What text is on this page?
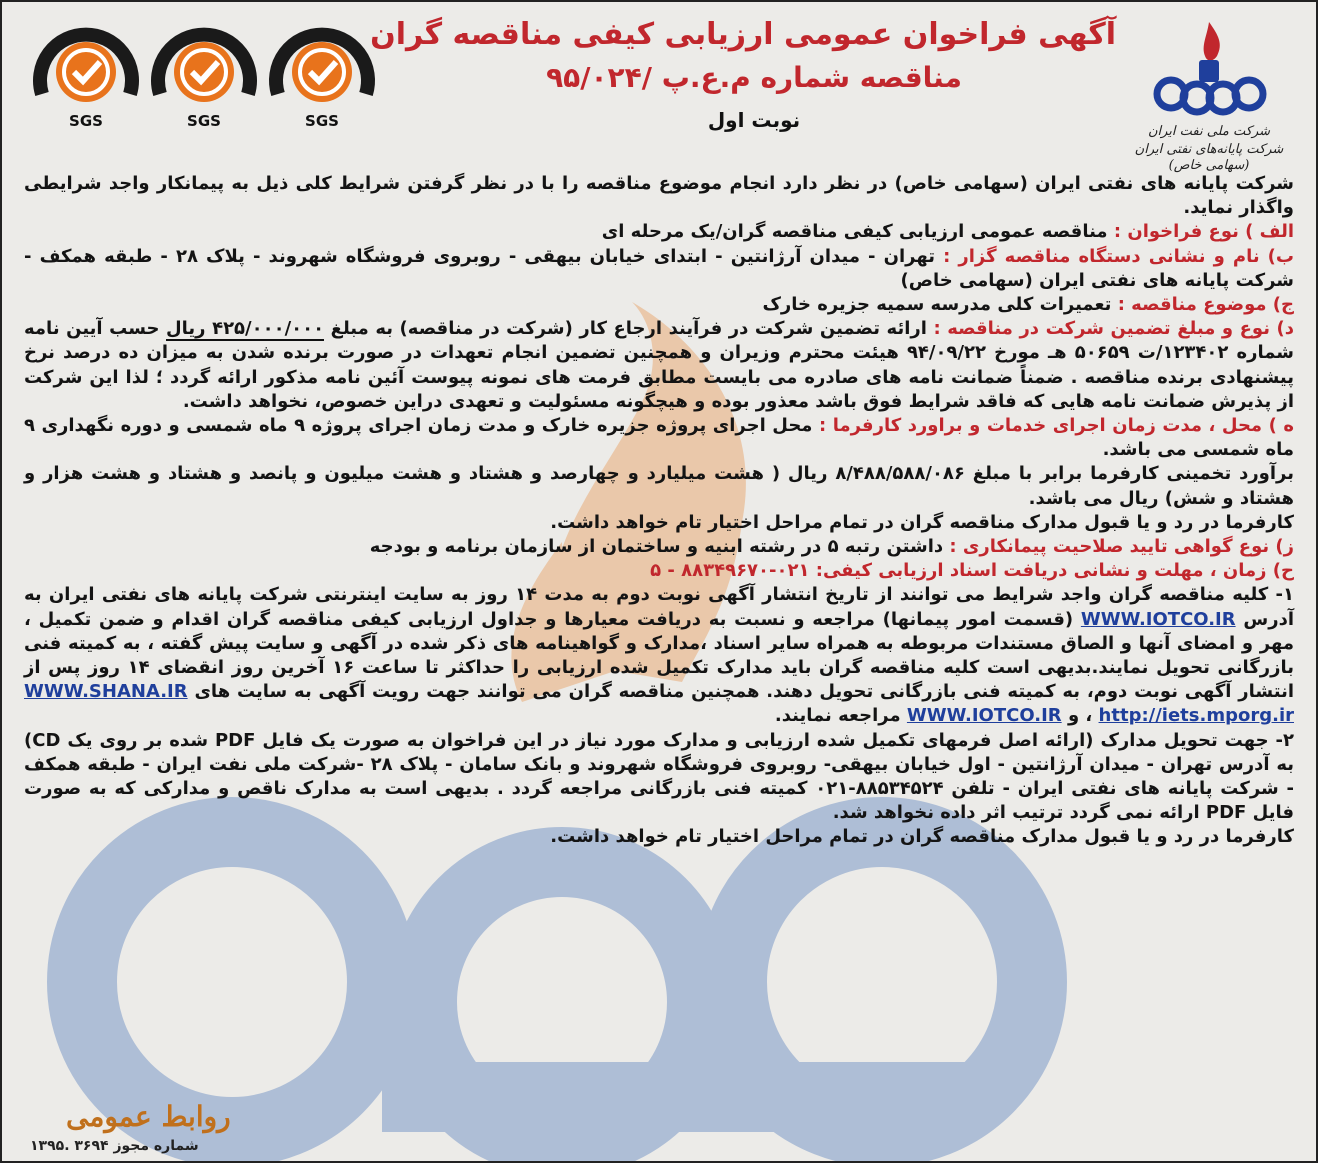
شرکت ملی نفت ایران
شرکت پایانه‌های نفتی ایران (سهامی خاص)
آگهی فراخوان عمومی ارزیابی کیفی مناقصه گران
مناقصه شماره م.ع.پ /۹۵/۰۲۴
نوبت اول
SGS	SGS	SGS

شرکت پایانه های نفتی ایران (سهامی خاص) در نظر دارد انجام موضوع مناقصه را با در نظر گرفتن شرایط کلی ذیل به پیمانکار واجد شرایطی واگذار نماید.

الف ) نوع فراخوان : مناقصه عمومی ارزیابی کیفی مناقصه گران/یک مرحله ای

ب) نام و نشانی دستگاه مناقصه گزار : تهران - میدان آرژانتین - ابتدای خیابان بیهقی - روبروی فروشگاه شهروند - پلاک ۲۸ - طبقه همکف - شرکت پایانه های نفتی ایران (سهامی خاص)

ج) موضوع مناقصه : تعمیرات کلی مدرسه سمیه جزیره خارک

د) نوع و مبلغ تضمین شرکت در مناقصه : ارائه تضمین شرکت در فرآیند ارجاع کار (شرکت در مناقصه) به مبلغ ۴۲۵/۰۰۰/۰۰۰ ریال حسب آیین نامه شماره ۱۲۳۴۰۲/ت ۵۰۶۵۹ هـ مورخ ۹۴/۰۹/۲۲ هیئت محترم وزیران و همچنین تضمین انجام تعهدات در صورت برنده شدن به میزان ده درصد نرخ پیشنهادی برنده مناقصه . ضمناً ضمانت نامه های صادره می بایست مطابق فرمت های نمونه پیوست آئین نامه مذکور ارائه گردد ؛ لذا این شرکت از پذیرش ضمانت نامه هایی که فاقد شرایط فوق باشد معذور بوده و هیچگونه مسئولیت و تعهدی دراین خصوص، نخواهد داشت.

ه ) محل ، مدت زمان اجرای خدمات و براورد کارفرما : محل اجرای پروژه جزیره خارک و مدت زمان اجرای پروژه ۹ ماه شمسی و دوره نگهداری ۹ ماه شمسی می باشد.

برآورد تخمینی کارفرما برابر با مبلغ ۸/۴۸۸/۵۸۸/۰۸۶ ریال ( هشت میلیارد و چهارصد و هشتاد و هشت میلیون و پانصد و هشتاد و هشت هزار و هشتاد و شش) ریال می باشد.

کارفرما در رد و یا قبول مدارک مناقصه گران در تمام مراحل اختیار تام خواهد داشت.

ز) نوع گواهی تایید صلاحیت پیمانکاری : داشتن رتبه ۵ در رشته ابنیه و ساختمان از سازمان برنامه و بودجه

ح) زمان ، مهلت و نشانی دریافت اسناد ارزیابی کیفی: ۰۲۱-۸۸۳۴۹۶۷۰ - ۵

۱- کلیه مناقصه گران واجد شرایط می توانند از تاریخ انتشار آگهی نوبت دوم به مدت ۱۴ روز به سایت اینترنتی شرکت پایانه های نفتی ایران به آدرس WWW.IOTCO.IR (قسمت امور پیمانها) مراجعه و نسبت به دریافت معیارها و جداول ارزیابی کیفی مناقصه گران اقدام و ضمن تکمیل ، مهر و امضای آنها و الصاق مستندات مربوطه به همراه سایر اسناد ،مدارک و گواهینامه های ذکر شده در آگهی و سایت پیش گفته ، به کمیته فنی بازرگانی تحویل نمایند.بدیهی است کلیه مناقصه گران باید مدارک تکمیل شده ارزیابی را حداکثر تا ساعت ۱۶ آخرین روز انقضای ۱۴ روز پس از انتشار آگهی نوبت دوم، به کمیته فنی بازرگانی تحویل دهند. همچنین مناقصه گران می توانند جهت رویت آگهی به سایت های WWW.SHANA.IR ، http://iets.mporg.ir و WWW.IOTCO.IR مراجعه نمایند.

۲- جهت تحویل مدارک (ارائه اصل فرمهای تکمیل شده ارزیابی و مدارک مورد نیاز در این فراخوان به صورت یک فایل PDF شده بر روی یک CD) به آدرس تهران - میدان آرژانتین - اول خیابان بیهقی- روبروی فروشگاه شهروند و بانک سامان - پلاک ۲۸ -شرکت ملی نفت ایران - طبقه همکف - شرکت پایانه های نفتی ایران - تلفن ۸۸۵۳۴۵۲۴-۰۲۱ کمیته فنی بازرگانی مراجعه گردد . بدیهی است به مدارک ناقص و مدارکی که به صورت فایل PDF ارائه نمی گردد ترتیب اثر داده نخواهد شد.

کارفرما در رد و یا قبول مدارک مناقصه گران در تمام مراحل اختیار تام خواهد داشت.

روابط عمومی
شماره مجوز ۳۶۹۴ .۱۳۹۵
